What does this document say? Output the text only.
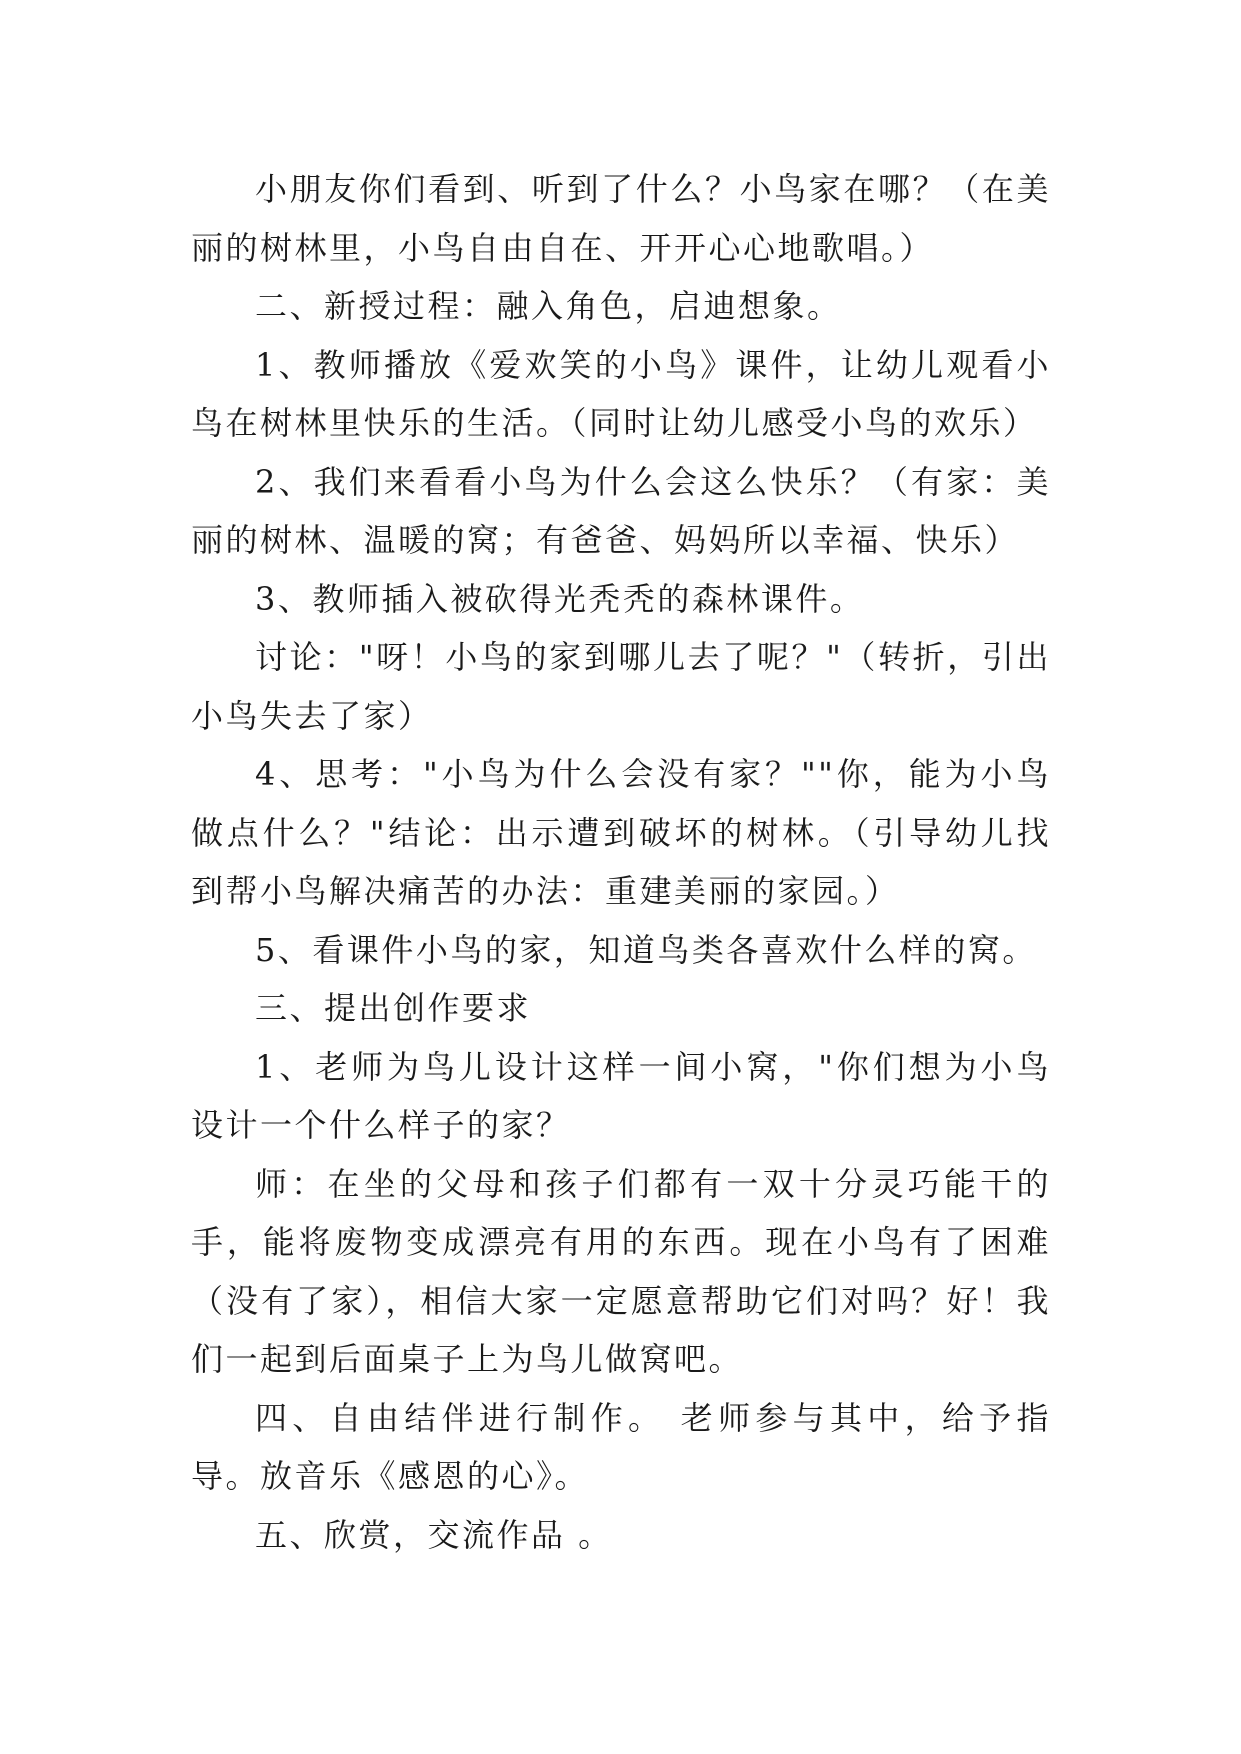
小朋友你们看到、听到了什么？小鸟家在哪？（在美丽的树林里，小鸟自由自在、开开心心地歌唱。）

二、新授过程：融入角色，启迪想象。

1、教师播放《爱欢笑的小鸟》课件，让幼儿观看小鸟在树林里快乐的生活。（同时让幼儿感受小鸟的欢乐）

2、我们来看看小鸟为什么会这么快乐？（有家：美丽的树林、温暖的窝；有爸爸、妈妈所以幸福、快乐）

3、教师插入被砍得光秃秃的森林课件。

讨论："呀！小鸟的家到哪儿去了呢？"（转折，引出小鸟失去了家）

4、思考："小鸟为什么会没有家？""你，能为小鸟做点什么？"结论：出示遭到破坏的树林。（引导幼儿找到帮小鸟解决痛苦的办法：重建美丽的家园。）

5、看课件小鸟的家，知道鸟类各喜欢什么样的窝。

三、提出创作要求

1、老师为鸟儿设计这样一间小窝，"你们想为小鸟设计一个什么样子的家？

师：在坐的父母和孩子们都有一双十分灵巧能干的手，能将废物变成漂亮有用的东西。现在小鸟有了困难（没有了家），相信大家一定愿意帮助它们对吗？好！我们一起到后面桌子上为鸟儿做窝吧。

四、自由结伴进行制作。 老师参与其中，给予指导。放音乐《感恩的心》。

五、欣赏，交流作品 。
